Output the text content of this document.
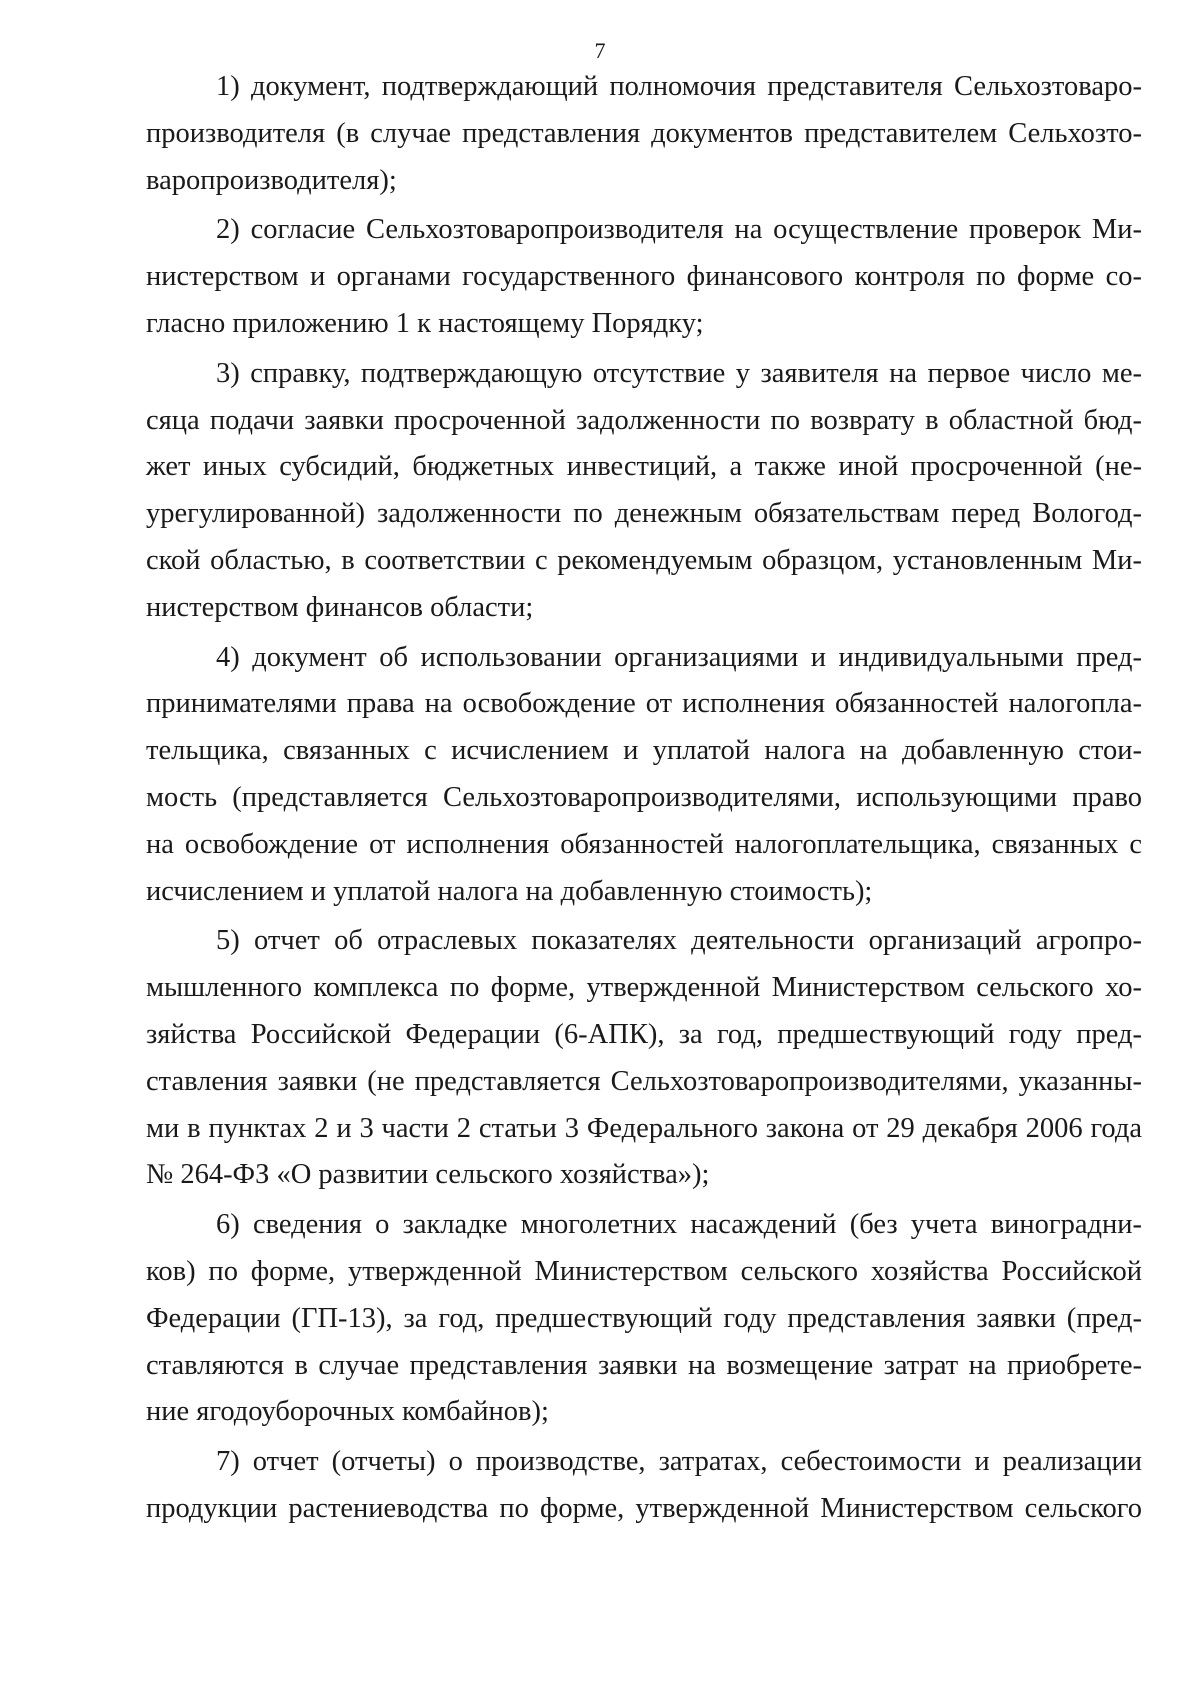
7

1) документ, подтверждающий полномочия представителя Сельхозтоваро-
производителя (в случае представления документов представителем Сельхозто-
варопроизводителя);

2) согласие Сельхозтоваропроизводителя на осуществление проверок Ми-
нистерством и органами государственного финансового контроля по форме со-
гласно приложению 1 к настоящему Порядку;

3) справку, подтверждающую отсутствие у заявителя на первое число ме-
сяца подачи заявки просроченной задолженности по возврату в областной бюд-
жет иных субсидий, бюджетных инвестиций, а также иной просроченной (не-
урегулированной) задолженности по денежным обязательствам перед Вологод-
ской областью, в соответствии с рекомендуемым образцом, установленным Ми-
нистерством финансов области;

4) документ об использовании организациями и индивидуальными пред-
принимателями права на освобождение от исполнения обязанностей налогопла-
тельщика, связанных с исчислением и уплатой налога на добавленную стои-
мость (представляется Сельхозтоваропроизводителями, использующими право
на освобождение от исполнения обязанностей налогоплательщика, связанных с
исчислением и уплатой налога на добавленную стоимость);

5) отчет об отраслевых показателях деятельности организаций агропро-
мышленного комплекса по форме, утвержденной Министерством сельского хо-
зяйства Российской Федерации (6-АПК), за год, предшествующий году пред-
ставления заявки (не представляется Сельхозтоваропроизводителями, указанны-
ми в пунктах 2 и 3 части 2 статьи 3 Федерального закона от 29 декабря 2006 года
№ 264-ФЗ «О развитии сельского хозяйства»);

6) сведения о закладке многолетних насаждений (без учета виноградни-
ков) по форме, утвержденной Министерством сельского хозяйства Российской
Федерации (ГП-13), за год, предшествующий году представления заявки (пред-
ставляются в случае представления заявки на возмещение затрат на приобрете-
ние ягодоуборочных комбайнов);

7) отчет (отчеты) о производстве, затратах, себестоимости и реализации
продукции растениеводства по форме, утвержденной Министерством сельского
